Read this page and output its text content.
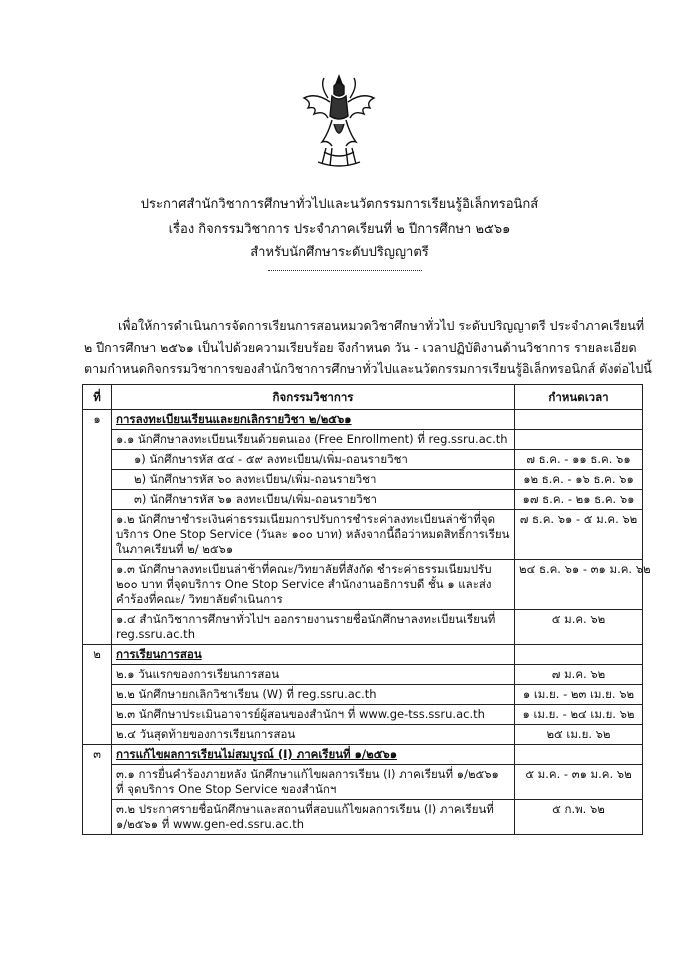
ประกาศสำนักวิชาการศึกษาทั่วไปและนวัตกรรมการเรียนรู้อิเล็กทรอนิกส์
เรื่อง กิจกรรมวิชาการ ประจำภาคเรียนที่ ๒ ปีการศึกษา ๒๕๖๑
สำหรับนักศึกษาระดับปริญญาตรี
เพื่อให้การดำเนินการจัดการเรียนการสอนหมวดวิชาศึกษาทั่วไป ระดับปริญญาตรี ประจำภาคเรียนที่
๒ ปีการศึกษา ๒๕๖๑ เป็นไปด้วยความเรียบร้อย จึงกำหนด วัน - เวลาปฏิบัติงานด้านวิชาการ รายละเอียด
ตามกำหนดกิจกรรมวิชาการของสำนักวิชาการศึกษาทั่วไปและนวัตกรรมการเรียนรู้อิเล็กทรอนิกส์ ดังต่อไปนี้
ที่	กิจกรรมวิชาการ	กำหนดเวลา
๑	การลงทะเบียนเรียนและยกเลิกรายวิชา ๒/๒๕๖๑	
	๑.๑ นักศึกษาลงทะเบียนเรียนด้วยตนเอง (Free Enrollment) ที่ reg.ssru.ac.th	
	๑) นักศึกษารหัส ๕๔ - ๕๙ ลงทะเบียน/เพิ่ม-ถอนรายวิชา	๗ ธ.ค. - ๑๑ ธ.ค. ๖๑
	๒) นักศึกษารหัส ๖๐ ลงทะเบียน/เพิ่ม-ถอนรายวิชา	๑๒ ธ.ค. - ๑๖ ธ.ค. ๖๑
	๓) นักศึกษารหัส ๖๑ ลงทะเบียน/เพิ่ม-ถอนรายวิชา	๑๗ ธ.ค. - ๒๑ ธ.ค. ๖๑
	๑.๒ นักศึกษาชำระเงินค่าธรรมเนียมการปรับการชำระค่าลงทะเบียนล่าช้าที่จุดบริการ One Stop Service (วันละ ๑๐๐ บาท) หลังจากนี้ถือว่าหมดสิทธิ์การเรียนในภาคเรียนที่ ๒/ ๒๕๖๑	๗ ธ.ค. ๖๑ - ๕ ม.ค. ๖๒
	๑.๓ นักศึกษาลงทะเบียนล่าช้าที่คณะ/วิทยาลัยที่สังกัด ชำระค่าธรรมเนียมปรับ ๒๐๐ บาท ที่จุดบริการ One Stop Service สำนักงานอธิการบดี ชั้น ๑ และส่งคำร้องที่คณะ/ วิทยาลัยดำเนินการ	๒๔ ธ.ค. ๖๑ - ๓๑ ม.ค. ๖๒
	๑.๔ สำนักวิชาการศึกษาทั่วไปฯ ออกรายงานรายชื่อนักศึกษาลงทะเบียนเรียนที่ reg.ssru.ac.th	๕ ม.ค. ๖๒
๒	การเรียนการสอน	
	๒.๑ วันแรกของการเรียนการสอน	๗ ม.ค. ๖๒
	๒.๒ นักศึกษายกเลิกวิชาเรียน (W) ที่ reg.ssru.ac.th	๑ เม.ย. - ๒๓ เม.ย. ๖๒
	๒.๓ นักศึกษาประเมินอาจารย์ผู้สอนของสำนักฯ ที่ www.ge-tss.ssru.ac.th	๑ เม.ย. - ๒๔ เม.ย. ๖๒
	๒.๔ วันสุดท้ายของการเรียนการสอน	๒๕ เม.ย. ๖๒
๓	การแก้ไขผลการเรียนไม่สมบูรณ์ (I) ภาคเรียนที่ ๑/๒๕๖๑	
	๓.๑ การยื่นคำร้องภายหลัง นักศึกษาแก้ไขผลการเรียน (I) ภาคเรียนที่ ๑/๒๕๖๑ ที่ จุดบริการ One Stop Service ของสำนักฯ	๕ ม.ค. - ๓๑ ม.ค. ๖๒
	๓.๒ ประกาศรายชื่อนักศึกษาและสถานที่สอบแก้ไขผลการเรียน (I) ภาคเรียนที่ ๑/๒๕๖๑ ที่ www.gen-ed.ssru.ac.th	๕ ก.พ. ๖๒
